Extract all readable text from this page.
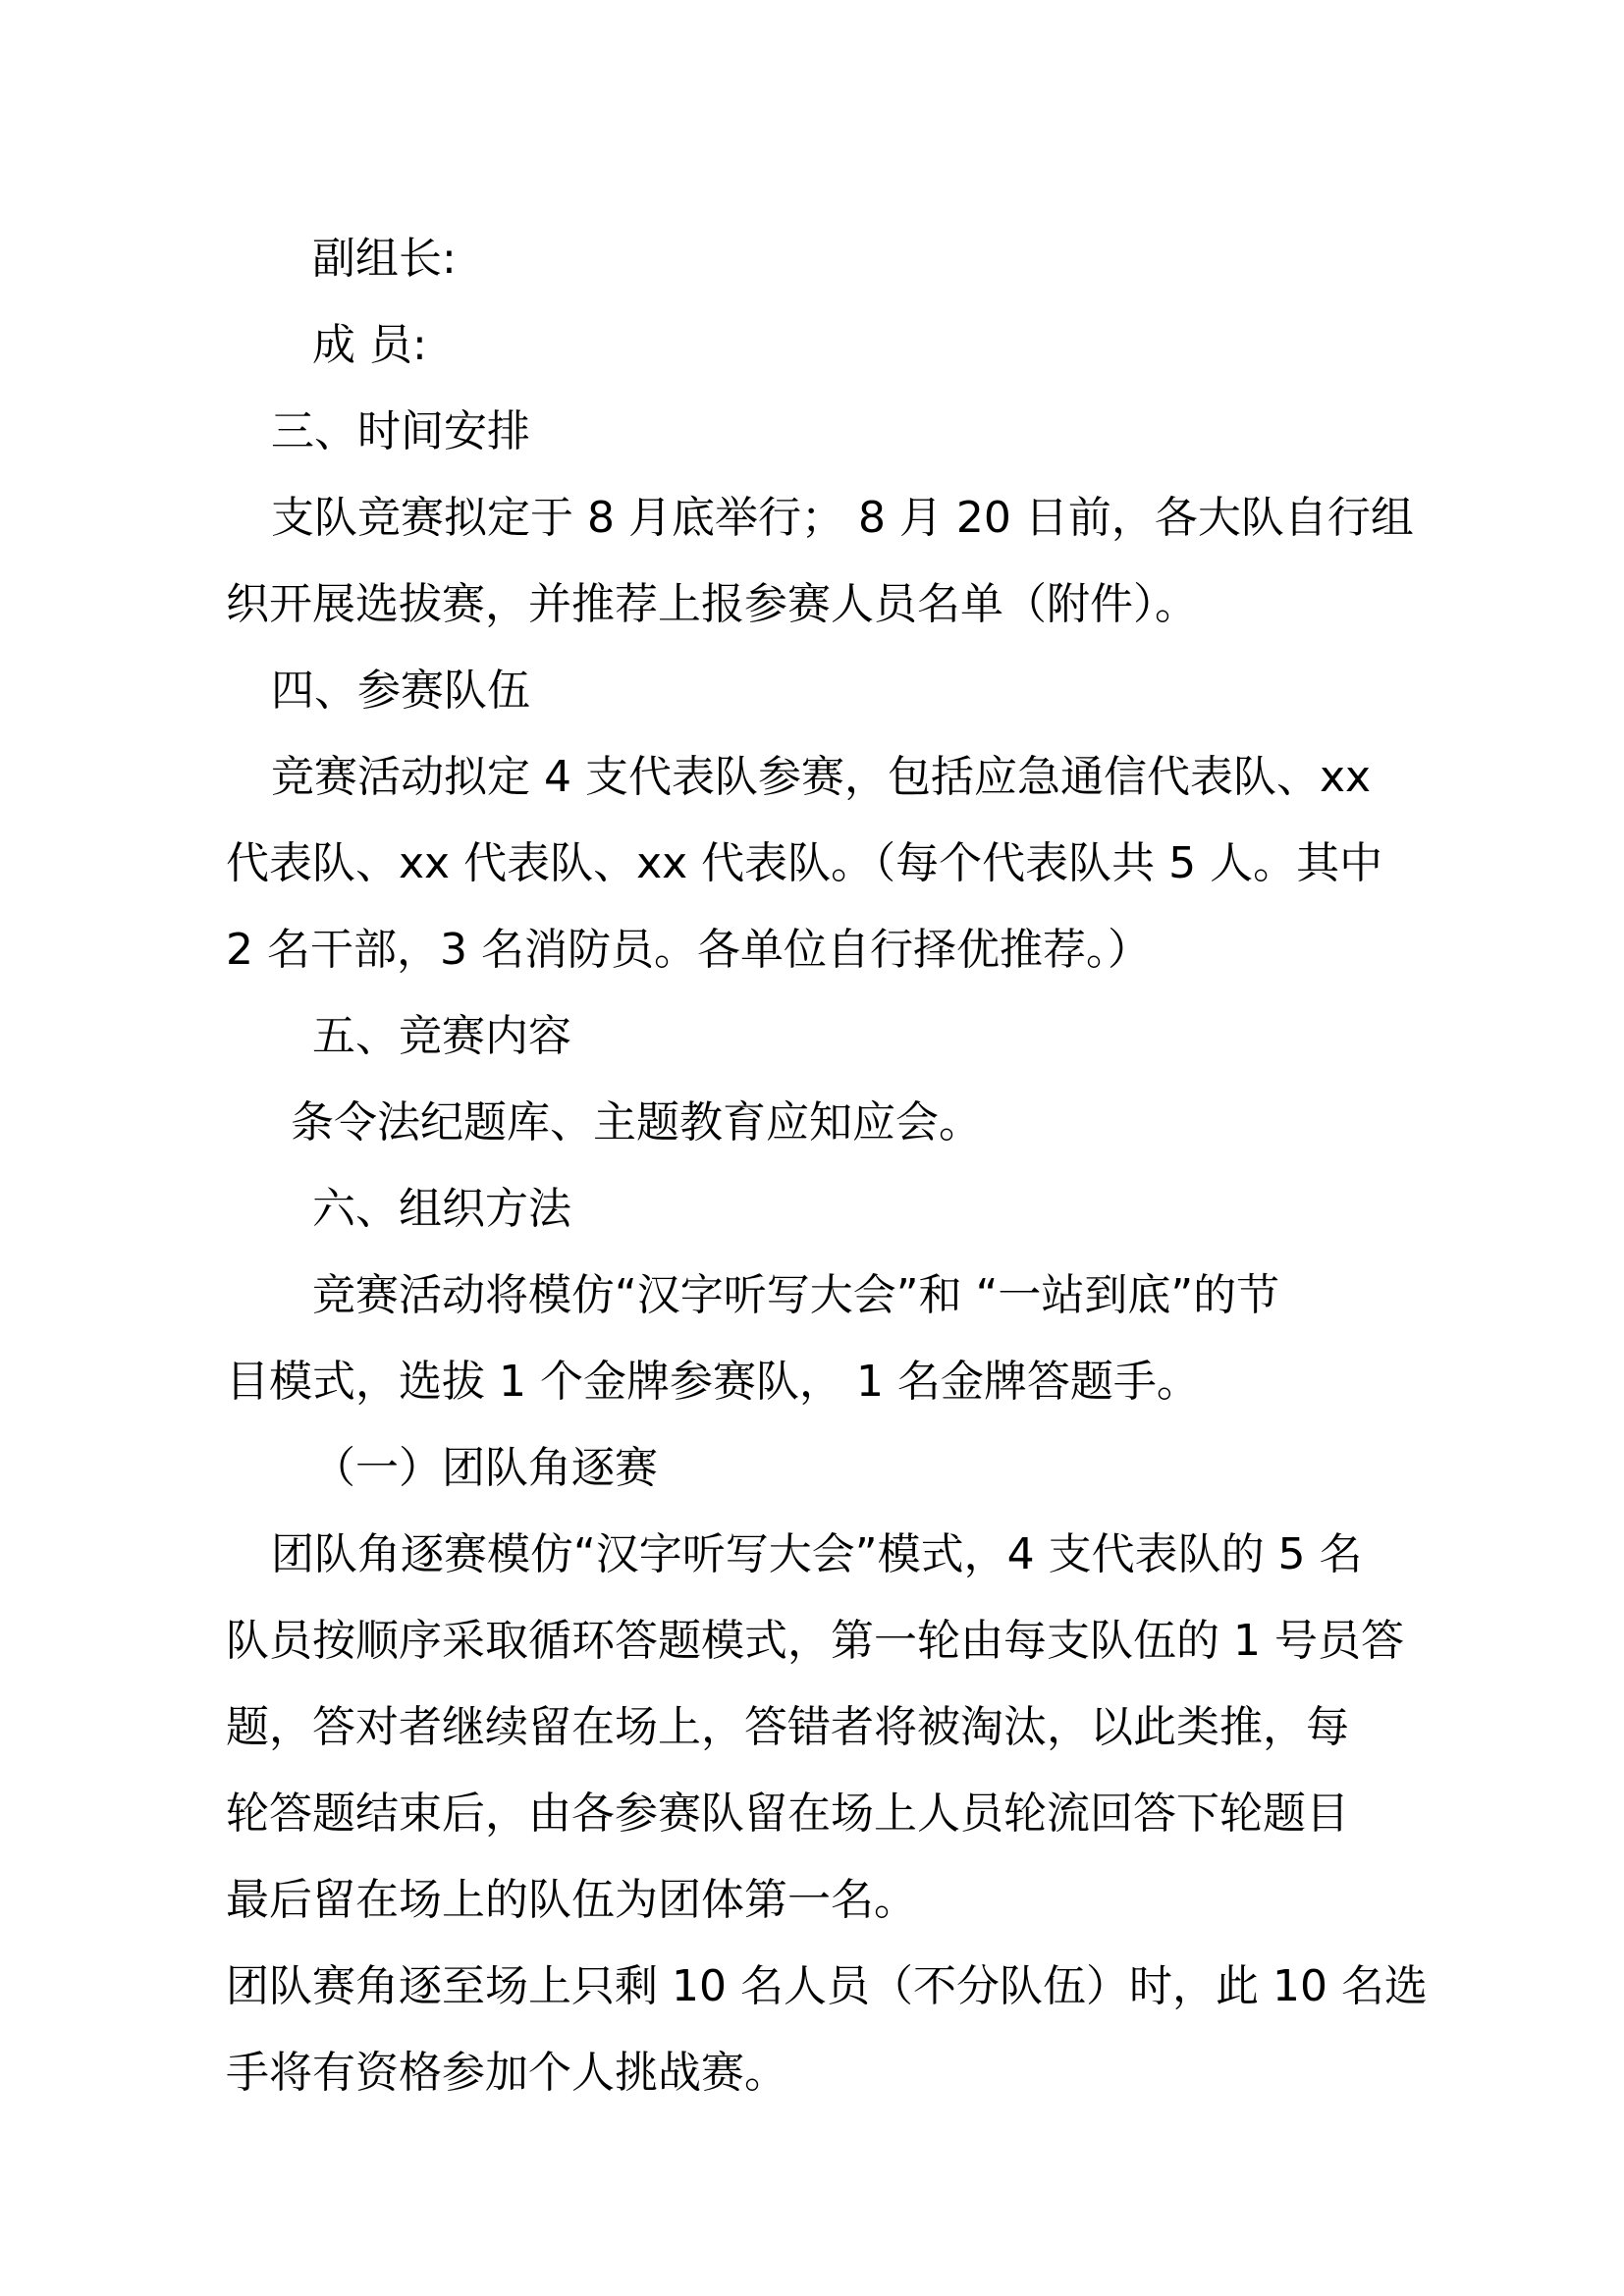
副组长:
成 员:
三、时间安排
支队竞赛拟定于 8 月底举行； 8 月 20 日前，各大队自行组
织开展选拔赛，并推荐上报参赛人员名单（附件）。
四、参赛队伍
竞赛活动拟定 4 支代表队参赛，包括应急通信代表队、xx
代表队、xx 代表队、xx 代表队。（每个代表队共 5 人。其中
2 名干部，3 名消防员。各单位自行择优推荐。）
五、竞赛内容
条令法纪题库、主题教育应知应会。
六、组织方法
竞赛活动将模仿“汉字听写大会”和 “一站到底”的节
目模式，选拔 1 个金牌参赛队， 1 名金牌答题手。
（一）团队角逐赛
团队角逐赛模仿“汉字听写大会”模式，4 支代表队的 5 名
队员按顺序采取循环答题模式，第一轮由每支队伍的 1 号员答
题，答对者继续留在场上，答错者将被淘汰，以此类推，每
轮答题结束后，由各参赛队留在场上人员轮流回答下轮题目
最后留在场上的队伍为团体第一名。
团队赛角逐至场上只剩 10 名人员（不分队伍）时，此 10 名选
手将有资格参加个人挑战赛。
